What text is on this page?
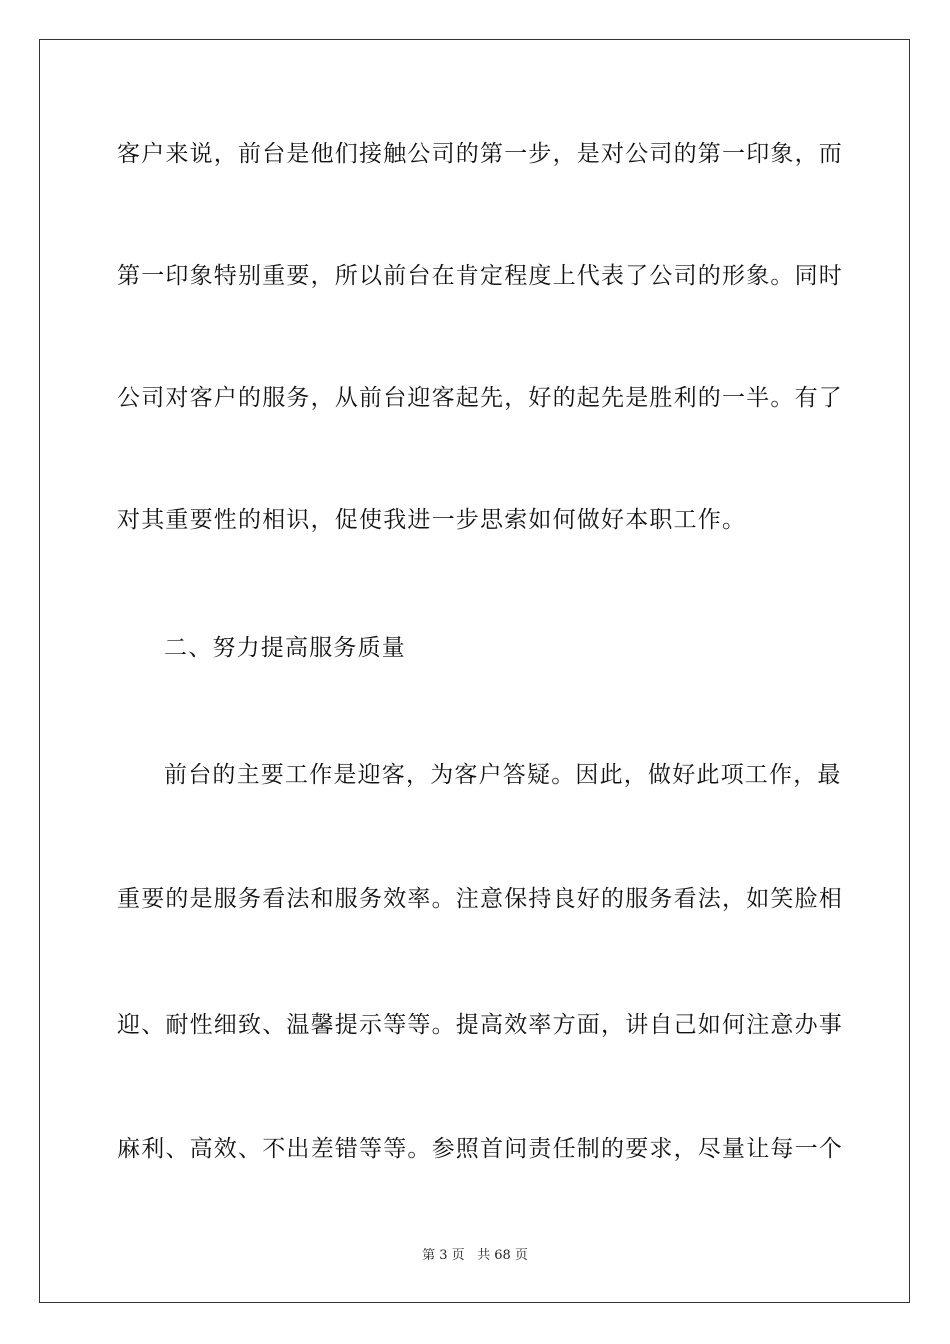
客户来说，前台是他们接触公司的第一步，是对公司的第一印象，而
第一印象特别重要，所以前台在肯定程度上代表了公司的形象。同时
公司对客户的服务，从前台迎客起先，好的起先是胜利的一半。有了
对其重要性的相识，促使我进一步思索如何做好本职工作。
二、努力提高服务质量
前台的主要工作是迎客，为客户答疑。因此，做好此项工作，最
重要的是服务看法和服务效率。注意保持良好的服务看法，如笑脸相
迎、耐性细致、温馨提示等等。提高效率方面，讲自己如何注意办事
麻利、高效、不出差错等等。参照首问责任制的要求，尽量让每一个
第 3 页 共 68 页
